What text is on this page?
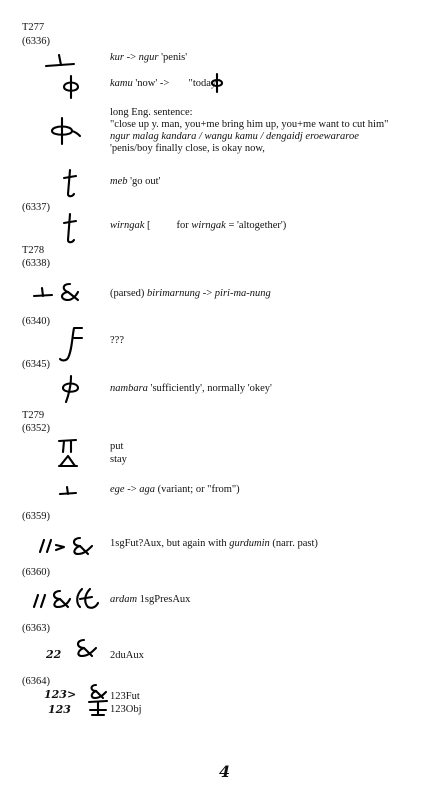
T277
(6336)
kur -> ngur 'penis'
kamu 'now' ->  "today"
long Eng. sentence:
"close up y. man, you+me bring him up, you+me want to cut him"
ngur malag kandara / wangu kamu / dengaidj eroewararoe
'penis/boy finally close, is okay now,
meb 'go out'
(6337)
wirngak [ for wirngak = 'altogether')
T278
(6338)
(parsed) birimarnung -> piri-ma-nung
(6340)
???
(6345)
nambara 'sufficiently', normally 'okey'
T279
(6352)
put
stay
ege -> aga (variant; or "from")
(6359)
1sgFut?Aux, but again with gurdumin (narr. past)
(6360)
ardam 1sgPresAux
(6363)
22	2duAux
(6364)
123>	123Fut
123	123Obj
4
